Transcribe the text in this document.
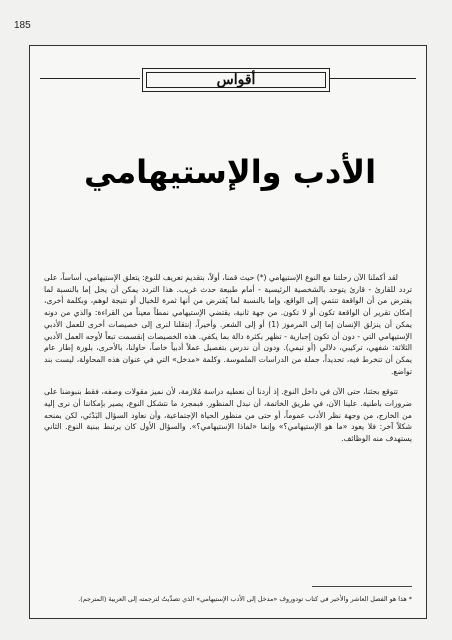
185
أقواس
الأدب والإستيهامي

لقد أكملنا الآن رحلتنا مع النوع الإستيهامي (*) حيث قمنا، أولاً، بتقديم تعريف للنوع: يتعلق الإستيهامي، أساساً، على تردد للقارئ - قارئ يتوحد بالشخصية الرئيسية - أمام طبيعة حدث غريب. هذا التردد يمكن أن يحل إما بالنسبة لما يفترض من أن الواقعة تنتمي إلى الواقع، وإما بالنسبة لما يُفترض من أنها ثمرة للخيال أو نتيجة لوهم، وبكلمة أخرى، إمكان تقرير أن الواقعة تكون أو لا تكون. من جهة ثانية، يقتضي الإستيهامي نمطاً معيناً من القراءة: والذي من دونه يمكن أن ينزلق الإنسان إما إلى المرموز (1) أو إلى الشعر. وأخيراً، إنتقلنا لنرى إلى خصيصات أخرى للعمل الأدبي الإستيهامي التي - دون أن تكون إجبارية - تظهر بكثرة دالة بما يكفي. هذه الخصيصات إنقسمت تبعاً لأوجه العمل الأدبي الثلاثة: شفهي، تركيبي، دلالي (أو تيمي). ودون أن ندرس بتفصيل عملاً أدبياً خاصاً، حاولنا، بالأحرى، بلورة إطار عام يمكن أن تنخرط فيه، تحديداً، جملة من الدراسات الملموسة. وكلمة «مدخل» التي في عنوان هذه المحاولة، ليست بند تواضع.

تتوقع بحثنا، حتى الآن في داخل النوع. إذ أردنا أن نعطيه دراسة مُلازمة، لأن نميز مقولات وصفه، فقط بنبوضنا على ضرورات باطنية. علينا الآن، في طريق الخاتمة، أن نبدل المنظور. فبمجرد ما نتشكل النوع، يصير بإمكاننا أن نرى إليه من الخارج، من وجهة نظر الأدب عموماً، أو حتى من منظور الحياة الإجتماعية، وأن نعاود السؤال البَدْئي، لكن بمنحه شكلاً آخر: فلا يعود «ما هو الإستيهامي؟» وإنما «لماذا الإستيهامي؟». والسؤال الأول كان يرتبط ببنية النوع. الثاني يستهدف منه الوظائف.

* هذا هو الفصل العاشر والأخير في كتاب تودوروف «مدخل إلى الأدب الإستيهامي» الذي تصدَّيتُ لترجمته إلى العربية (المترجم).
